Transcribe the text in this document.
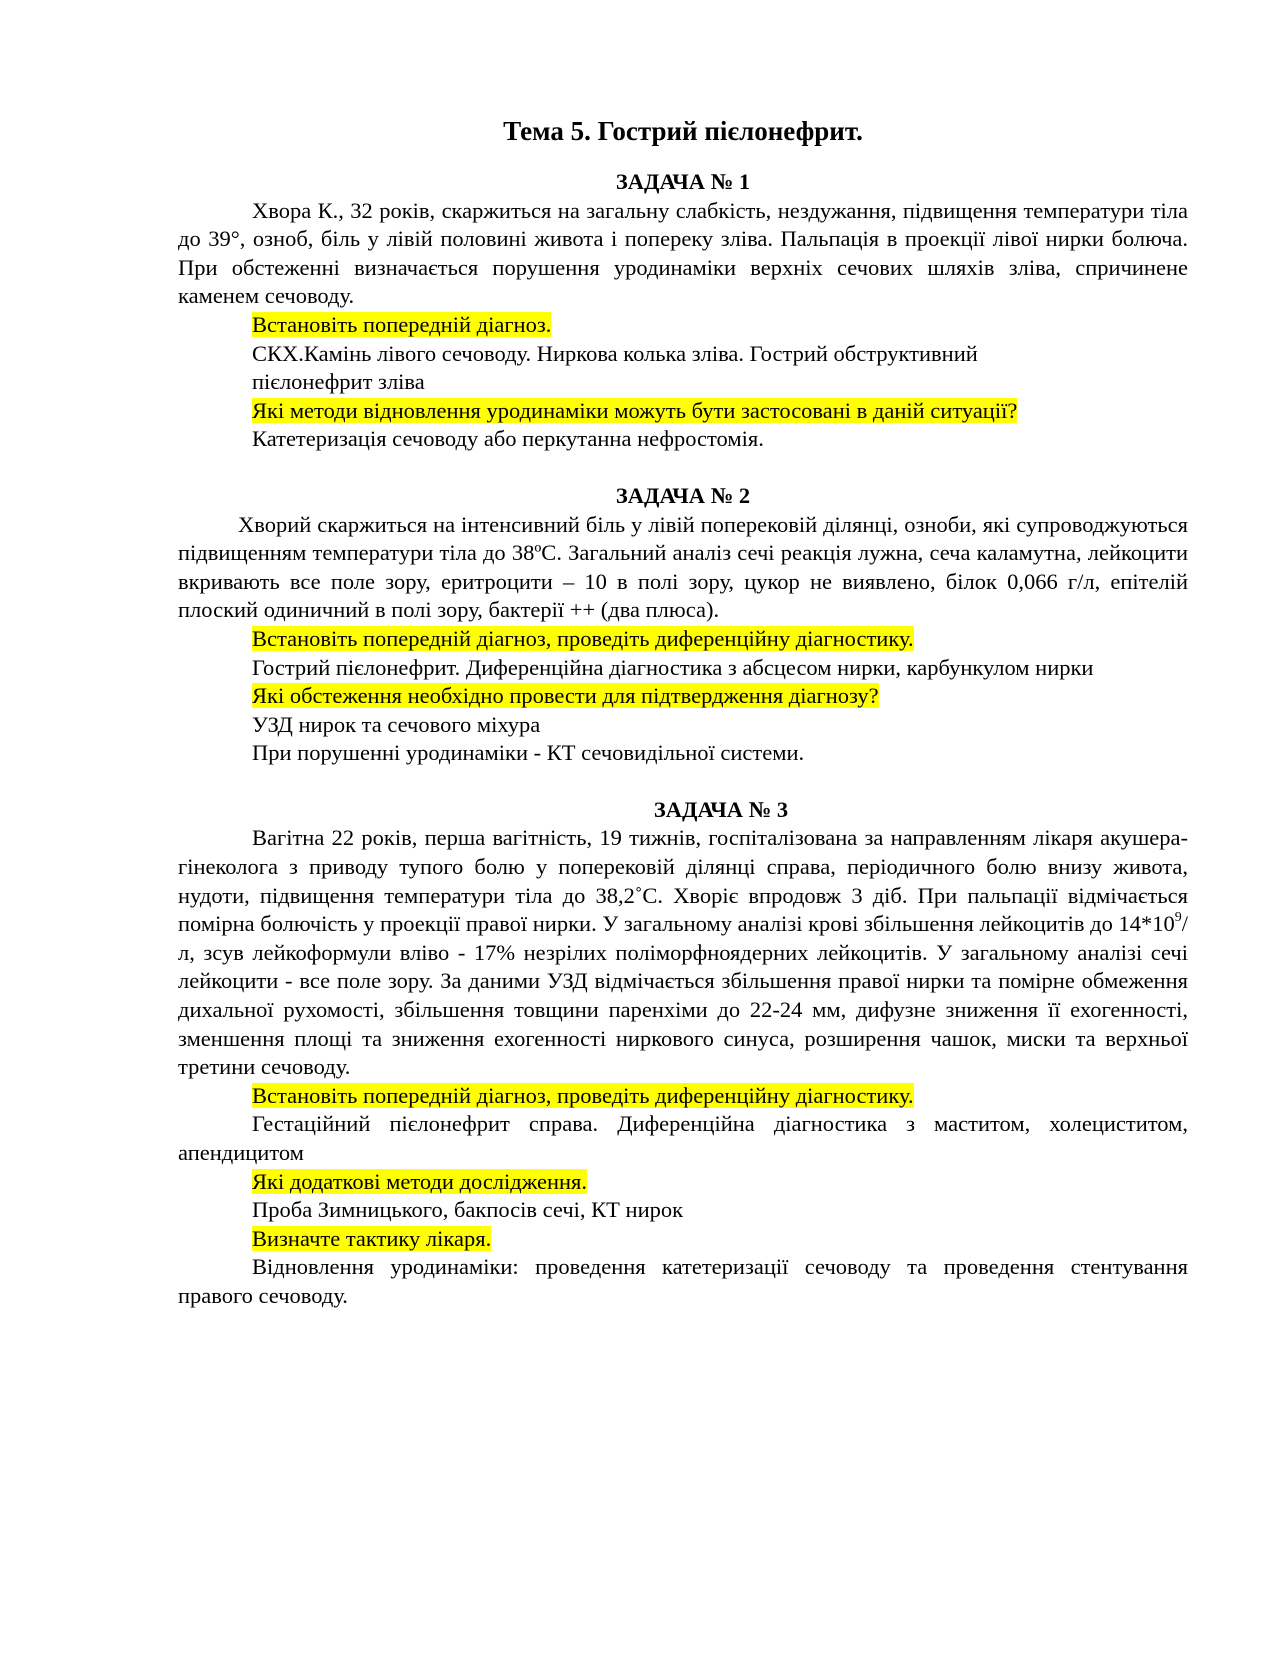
Тема 5. Гострий пієлонефрит.

ЗАДАЧА № 1

Хвора К., 32 років, скаржиться на загальну слабкість, нездужання, підвищення температури тіла до 39°, озноб, біль у лівій половині живота і попереку зліва. Пальпація в проекції лівої нирки болюча. При обстеженні визначається порушення уродинаміки верхніх сечових шляхів зліва, спричинене каменем сечоводу.

Встановіть попередній діагноз.

СКХ.Камінь лівого сечоводу. Ниркова колька зліва. Гострий обструктивний

пієлонефрит зліва

Які методи відновлення уродинаміки можуть бути застосовані в даній ситуації?

Катетеризація сечоводу або перкутанна нефростомія.

ЗАДАЧА № 2

Хворий скаржиться на інтенсивний біль у лівій поперековій ділянці, озноби, які супроводжуються підвищенням температури тіла до 38ºС. Загальний аналіз сечі реакція лужна, сеча каламутна, лейкоцити вкривають все поле зору, еритроцити – 10 в полі зору, цукор не виявлено, білок 0,066 г/л, епітелій плоский одиничний в полі зору, бактерії ++ (два плюса).

Встановіть попередній діагноз, проведіть диференційну діагностику.

Гострий пієлонефрит. Диференційна діагностика з абсцесом нирки, карбункулом нирки

Які обстеження необхідно провести для підтвердження діагнозу?

УЗД нирок та сечового міхура

При порушенні уродинаміки - КТ сечовидільної системи.

ЗАДАЧА № 3

Вагітна 22 років, перша вагітність, 19 тижнів, госпіталізована за направленням лікаря акушера-гінеколога з приводу тупого болю у поперековій ділянці справа, періодичного болю внизу живота, нудоти, підвищення температури тіла до 38,2˚С. Хворіє впродовж 3 діб. При пальпації відмічається помірна болючість у проекції правої нирки. У загальному аналізі крові збільшення лейкоцитів до $14*10^9/л$, зсув лейкоформули вліво - 17% незрілих поліморфноядерних лейкоцитів. У загальному аналізі сечі лейкоцити - все поле зору. За даними УЗД відмічається збільшення правої нирки та помірне обмеження дихальної рухомості, збільшення товщини паренхіми до 22-24 мм, дифузне зниження її ехогенності, зменшення площі та зниження ехогенності ниркового синуса, розширення чашок, миски та верхньої третини сечоводу.

Встановіть попередній діагноз, проведіть диференційну діагностику.

Гестаційний пієлонефрит справа. Диференційна діагностика з маститом, холециститом, апендицитом

Які додаткові методи дослідження.

Проба Зимницького, бакпосів сечі, КТ нирок

Визначте тактику лікаря.

Відновлення уродинаміки: проведення катетеризації сечоводу та проведення стентування правого сечоводу.
